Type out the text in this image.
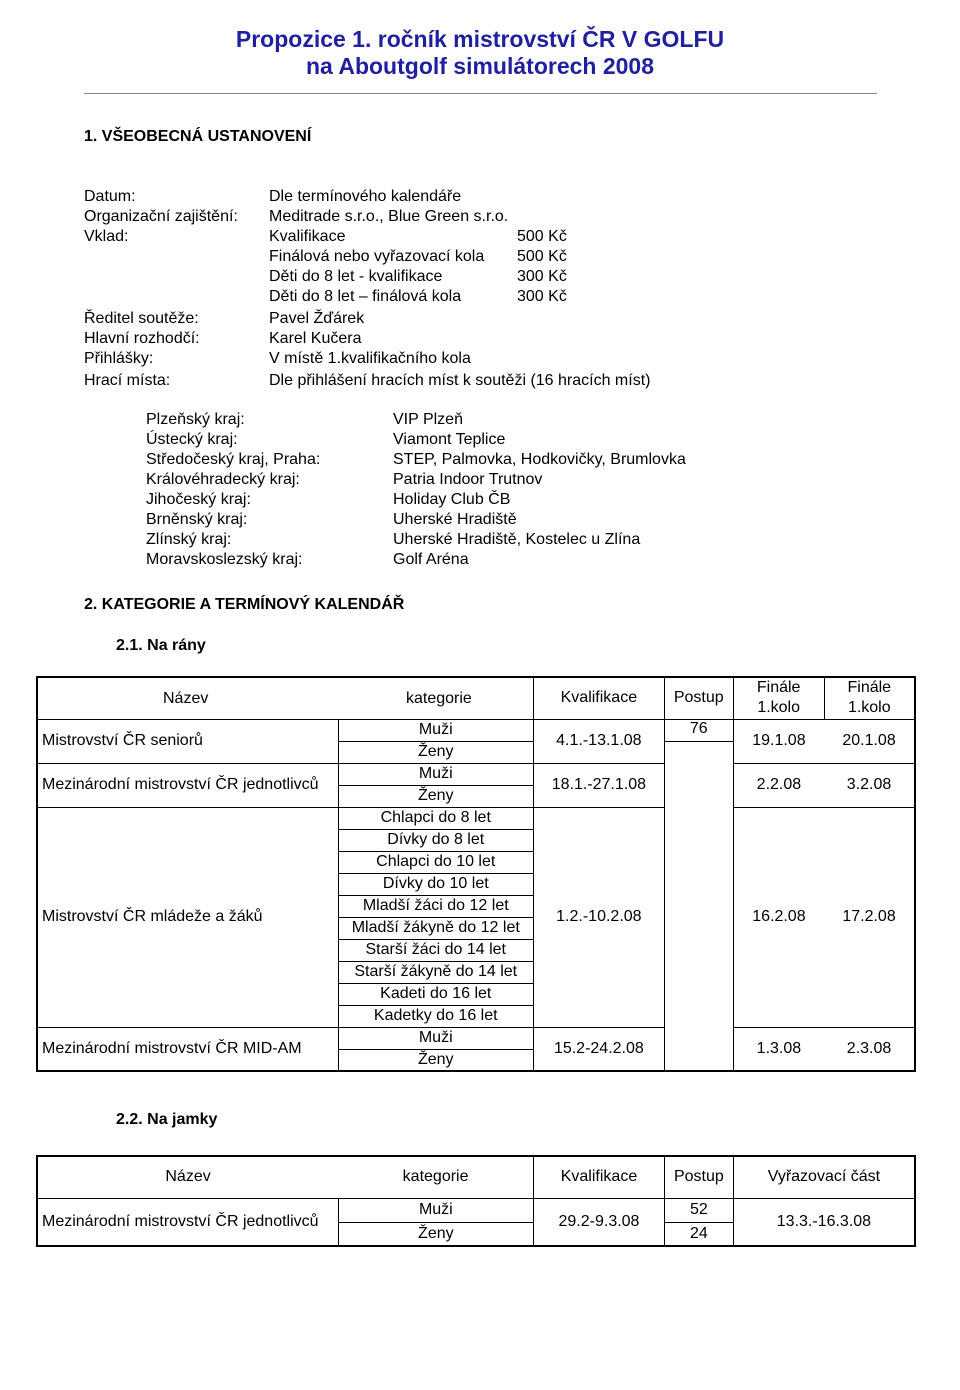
Propozice 1. ročník mistrovství ČR V GOLFU
na Aboutgolf simulátorech 2008
1. VŠEOBECNÁ USTANOVENÍ
Datum:	Dle termínového kalendáře
Organizační zajištění: Meditrade s.r.o., Blue Green s.r.o.
Vklad:	Kvalifikace	500 Kč
Finálová nebo vyřazovací kola 500 Kč
Děti do 8 let - kvalifikace	300 Kč
Děti do 8 let – finálová kola	300 Kč
Ředitel soutěže:	Pavel Žďárek
Hlavní rozhodčí:	Karel Kučera
Přihlášky:	V místě 1.kvalifikačního kola
Hrací místa:	Dle přihlášení hracích míst k soutěži (16 hracích míst)
Plzeňský kraj:	VIP Plzeň
Ústecký kraj:	Viamont Teplice
Středočeský kraj, Praha:	STEP, Palmovka, Hodkovičky, Brumlovka
Královéhradecký kraj:	Patria Indoor Trutnov
Jihočeský kraj:	Holiday Club ČB
Brněnský kraj:	Uherské Hradiště
Zlínský kraj:	Uherské Hradiště, Kostelec u Zlína
Moravskoslezský kraj:	Golf Aréna
2. KATEGORIE A TERMÍNOVÝ KALENDÁŘ
2.1. Na rány
Název kategorie		Kvalifikace	Postup	Finále 1.kolo	Finále 1.kolo
Mistrovství ČR seniorů	Muži	4.1.-13.1.08	76	19.1.08	20.1.08
	Ženy				
Mezinárodní mistrovství ČR jednotlivců	Muži	18.1.-27.1.08		2.2.08	3.2.08
	Ženy				
Mistrovství ČR mládeže a žáků	Chlapci do 8 let	1.2.-10.2.08		16.2.08	17.2.08
	Dívky do 8 let				
	Chlapci do 10 let				
	Dívky do 10 let				
	Mladší žáci do 12 let				
	Mladší žákyně do 12 let				
	Starší žáci do 14 let				
	Starší žákyně do 14 let				
	Kadeti do 16 let				
	Kadetky do 16 let				
Mezinárodní mistrovství ČR MID-AM	Muži	15.2-24.2.08		1.3.08	2.3.08
	Ženy				
2.2. Na jamky
Název	kategorie	Kvalifikace	Postup	Vyřazovací část
Mezinárodní mistrovství ČR jednotlivců	Muži	29.2-9.3.08	52	13.3.-16.3.08
	Ženy		24	
